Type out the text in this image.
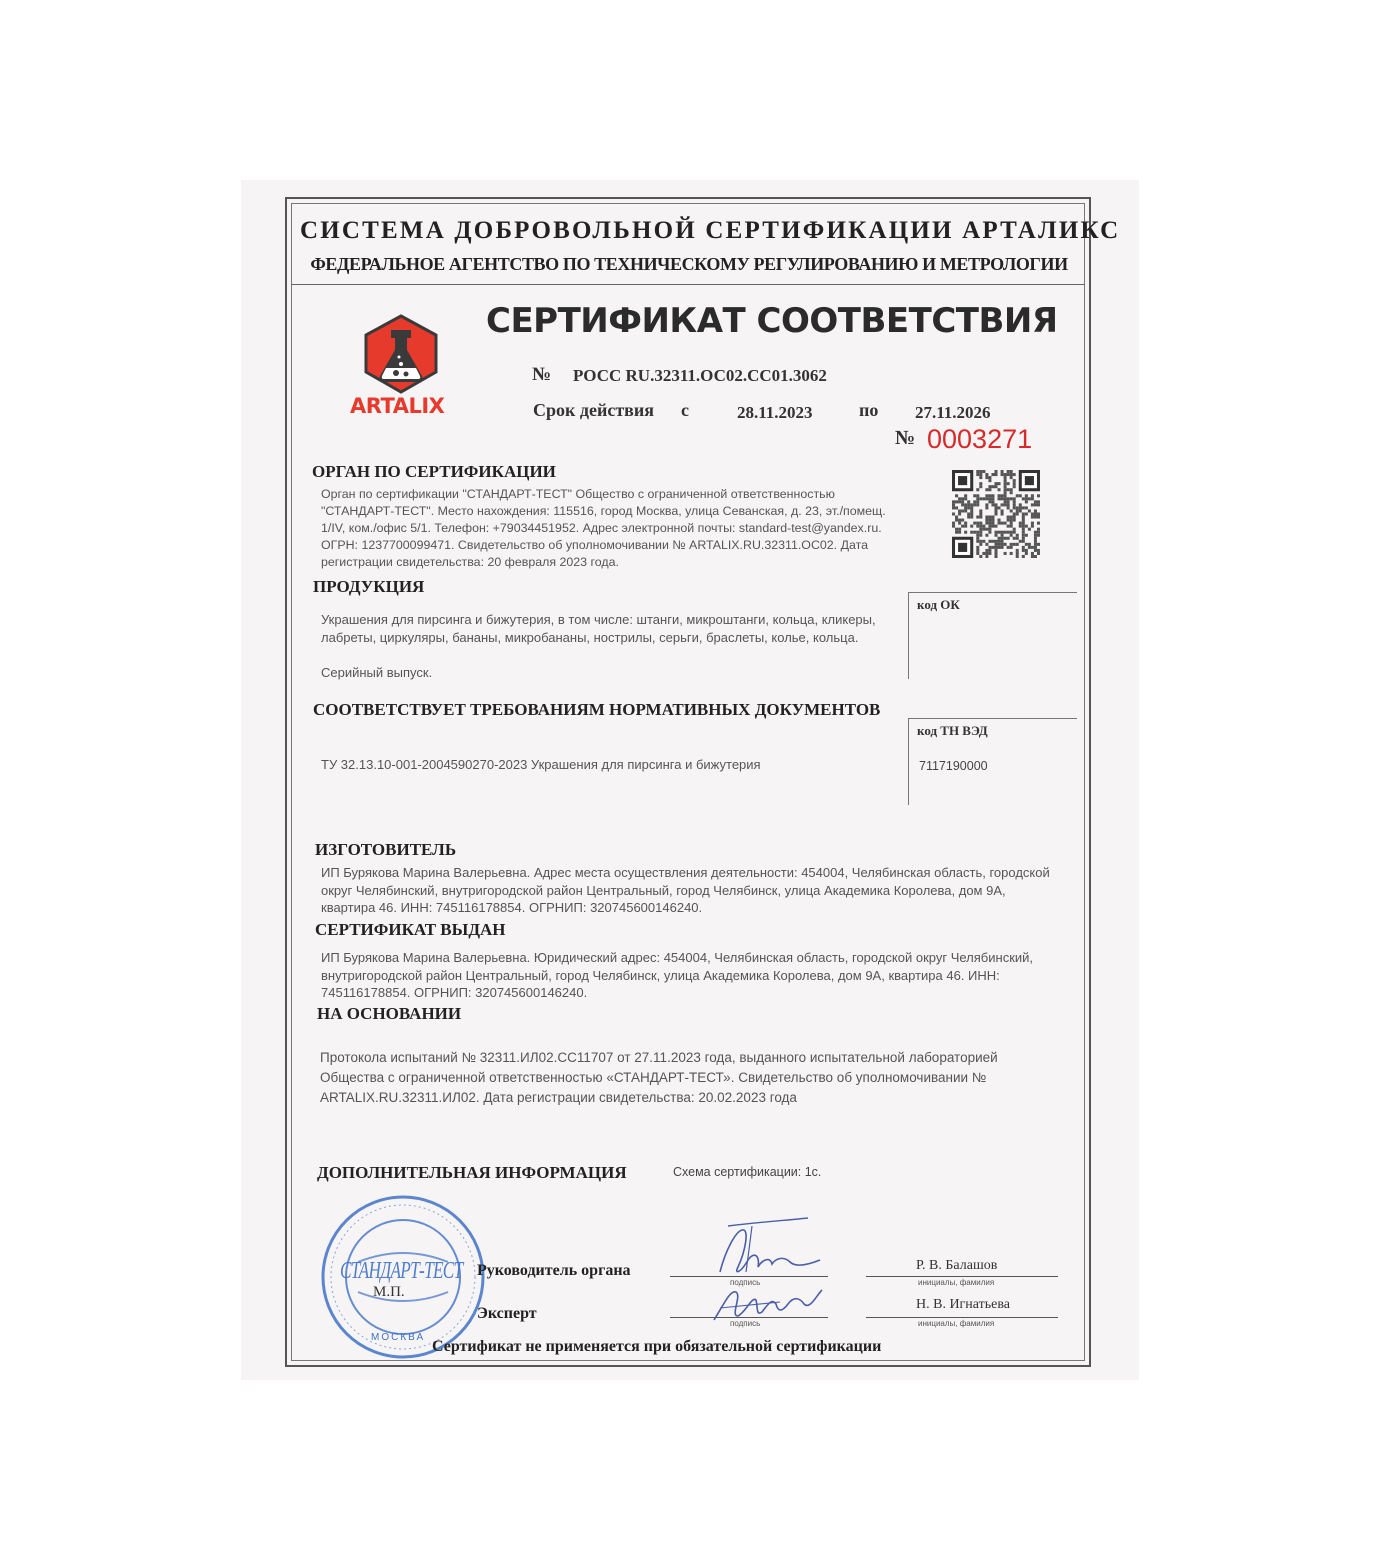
СИСТЕМА ДОБРОВОЛЬНОЙ СЕРТИФИКАЦИИ АРТАЛИКС
ФЕДЕРАЛЬНОЕ АГЕНТСТВО ПО ТЕХНИЧЕСКОМУ РЕГУЛИРОВАНИЮ И МЕТРОЛОГИИ
ARTALIX
СЕРТИФИКАТ СООТВЕТСТВИЯ
№ РОСС RU.32311.ОС02.СС01.3062
Срок действия с	28.11.2023	по 27.11.2026
№ 0003271
ОРГАН ПО СЕРТИФИКАЦИИ
Орган по сертификации "СТАНДАРТ-ТЕСТ" Общество с ограниченной ответственностью "СТАНДАРТ-ТЕСТ". Место нахождения: 115516, город Москва, улица Севанская, д. 23, эт./помещ. 1/IV, ком./офис 5/1. Телефон: +79034451952. Адрес электронной почты: standard-test@yandex.ru. ОГРН: 1237700099471. Свидетельство об уполномочивании № ARTALIX.RU.32311.ОС02. Дата регистрации свидетельства: 20 февраля 2023 года.
ПРОДУКЦИЯ
Украшения для пирсинга и бижутерия, в том числе: штанги, микроштанги, кольца, кликеры, лабреты, циркуляры, бананы, микробананы, нострилы, серьги, браслеты, колье, кольца.
Серийный выпуск.
код ОК
СООТВЕТСТВУЕТ ТРЕБОВАНИЯМ НОРМАТИВНЫХ ДОКУМЕНТОВ
ТУ 32.13.10-001-2004590270-2023 Украшения для пирсинга и бижутерия
код ТН ВЭД
7117190000
ИЗГОТОВИТЕЛЬ
ИП Бурякова Марина Валерьевна. Адрес места осуществления деятельности: 454004, Челябинская область, городской округ Челябинский, внутригородской район Центральный, город Челябинск, улица Академика Королева, дом 9А, квартира 46. ИНН: 745116178854. ОГРНИП: 320745600146240.
СЕРТИФИКАТ ВЫДАН
ИП Бурякова Марина Валерьевна. Юридический адрес: 454004, Челябинская область, городской округ Челябинский, внутригородской район Центральный, город Челябинск, улица Академика Королева, дом 9А, квартира 46. ИНН: 745116178854. ОГРНИП: 320745600146240.
НА ОСНОВАНИИ
Протокола испытаний № 32311.ИЛ02.СС11707 от 27.11.2023 года, выданного испытательной лабораторией Общества с ограниченной ответственностью «СТАНДАРТ-ТЕСТ». Свидетельство об уполномочивании № ARTALIX.RU.32311.ИЛ02. Дата регистрации свидетельства: 20.02.2023 года
ДОПОЛНИТЕЛЬНАЯ ИНФОРМАЦИЯ	Схема сертификации: 1с.
СТАНДАРТ-ТЕСТ
МОСКВА
М.П.
Руководитель органа
Эксперт
подпись
Р. В. Балашов
инициалы, фамилия
подпись
Н. В. Игнатьева
инициалы, фамилия
Сертификат не применяется при обязательной сертификации
